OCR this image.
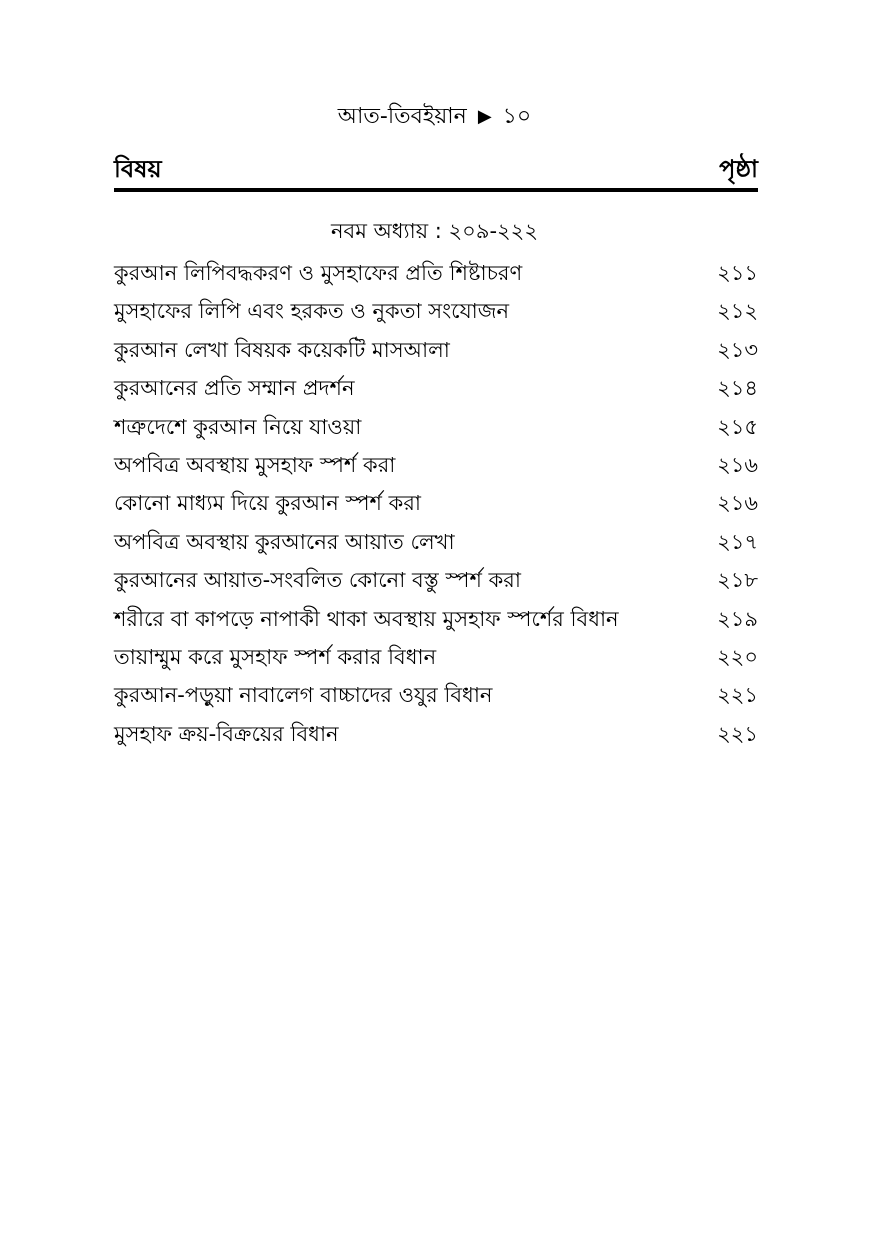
আত-তিবইয়ান ▶ ১০
বিষয়	পৃষ্ঠা
নবম অধ্যায় : ২০৯-২২২
কুরআন লিপিবদ্ধকরণ ও মুসহাফের প্রতি শিষ্টাচরণ	২১১
মুসহাফের লিপি এবং হরকত ও নুকতা সংযোজন	২১২
কুরআন লেখা বিষয়ক কয়েকটি মাসআলা	২১৩
কুরআনের প্রতি সম্মান প্রদর্শন	২১৪
শত্রুদেশে কুরআন নিয়ে যাওয়া	২১৫
অপবিত্র অবস্থায় মুসহাফ স্পর্শ করা	২১৬
কোনো মাধ্যম দিয়ে কুরআন স্পর্শ করা	২১৬
অপবিত্র অবস্থায় কুরআনের আয়াত লেখা	২১৭
কুরআনের আয়াত-সংবলিত কোনো বস্তু স্পর্শ করা	২১৮
শরীরে বা কাপড়ে নাপাকী থাকা অবস্থায় মুসহাফ স্পর্শের বিধান	২১৯
তায়াম্মুম করে মুসহাফ স্পর্শ করার বিধান	২২০
কুরআন-পড়ুয়া নাবালেগ বাচ্চাদের ওযুর বিধান	২২১
মুসহাফ ক্রয়-বিক্রয়ের বিধান	২২১
